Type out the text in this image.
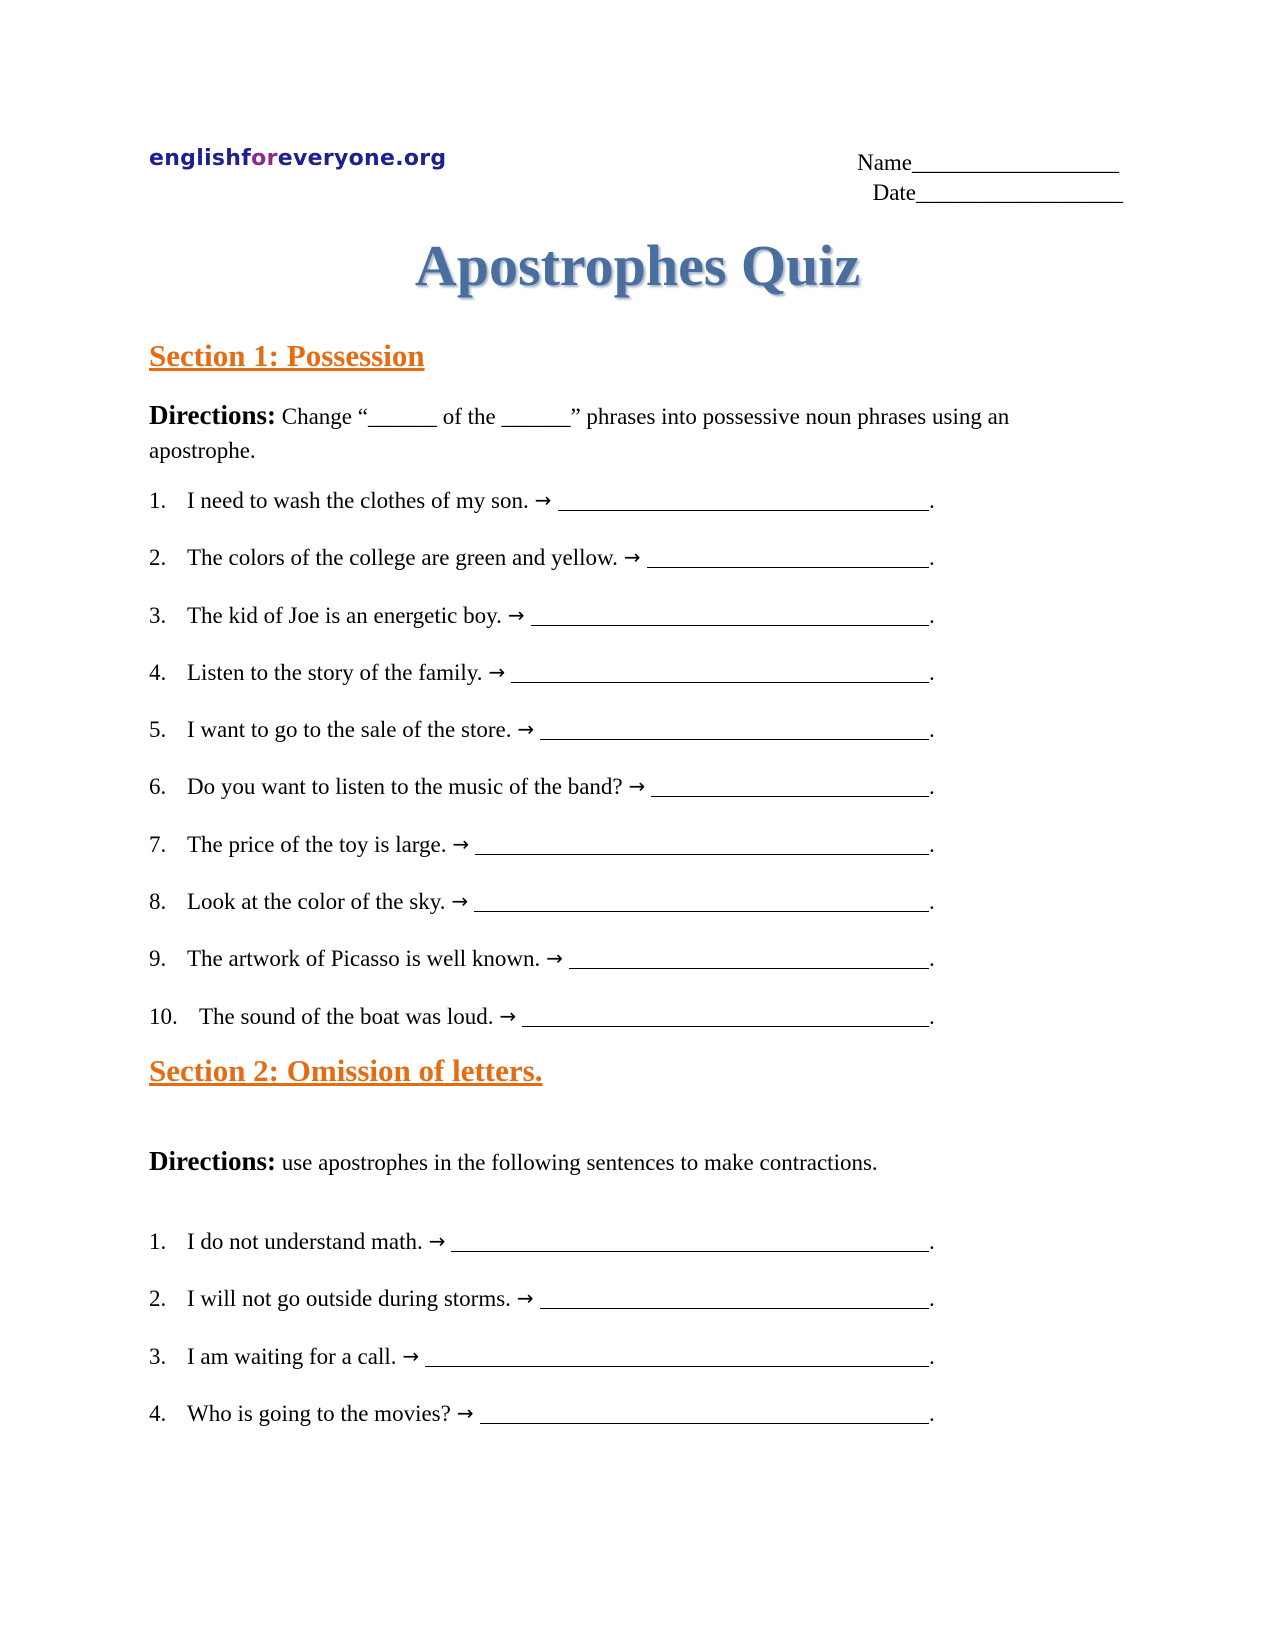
englishforeveryone.org	Name__________________
Date__________________
Apostrophes Quiz
Section 1: Possession
Directions: Change “______ of the ______” phrases into possessive noun phrases using an apostrophe.
1. I need to wash the clothes of my son. →	.
2. The colors of the college are green and yellow. →	.
3. The kid of Joe is an energetic boy. →	.
4. Listen to the story of the family. →	.
5. I want to go to the sale of the store. →	.
6. Do you want to listen to the music of the band? →	.
7. The price of the toy is large. →	.
8. Look at the color of the sky. →	.
9. The artwork of Picasso is well known. →	.
10. The sound of the boat was loud. →	.
Section 2: Omission of letters.
Directions: use apostrophes in the following sentences to make contractions.
1. I do not understand math. →	.
2. I will not go outside during storms. →	.
3. I am waiting for a call. →	.
4. Who is going to the movies? →	.
